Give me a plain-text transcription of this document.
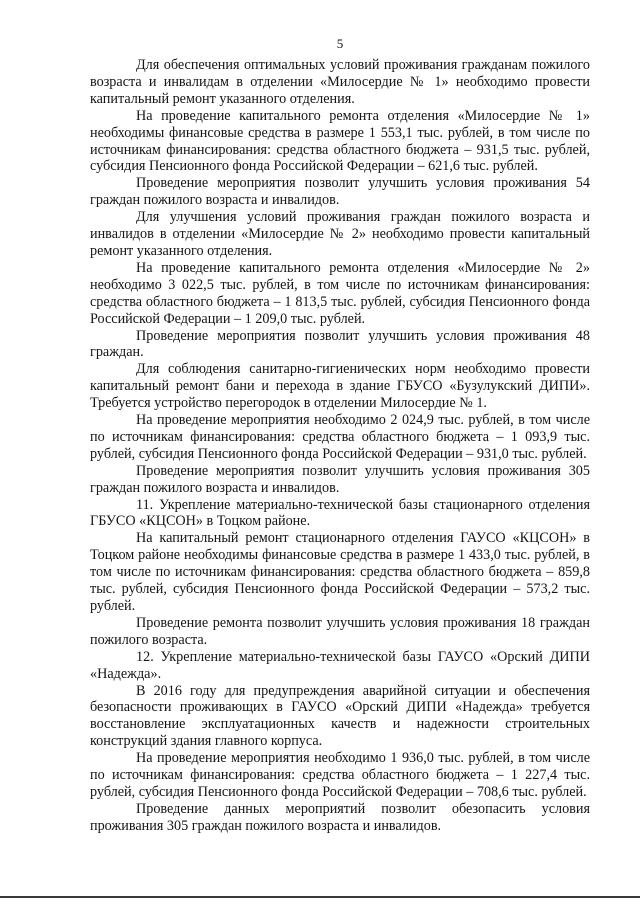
5

Для обеспечения оптимальных условий проживания гражданам пожилого возраста и инвалидам в отделении «Милосердие № 1» необходимо провести капитальный ремонт указанного отделения.

На проведение капитального ремонта отделения «Милосердие № 1» необходимы финансовые средства в размере 1 553,1 тыс. рублей, в том числе по источникам финансирования: средства областного бюджета – 931,5 тыс. рублей, субсидия Пенсионного фонда Российской Федерации – 621,6 тыс. рублей.

Проведение мероприятия позволит улучшить условия проживания 54 граждан пожилого возраста и инвалидов.

Для улучшения условий проживания граждан пожилого возраста и инвалидов в отделении «Милосердие № 2» необходимо провести капитальный ремонт указанного отделения.

На проведение капитального ремонта отделения «Милосердие № 2» необходимо 3 022,5 тыс. рублей, в том числе по источникам финансирования: средства областного бюджета – 1 813,5 тыс. рублей, субсидия Пенсионного фонда Российской Федерации – 1 209,0 тыс. рублей.

Проведение мероприятия позволит улучшить условия проживания 48 граждан.

Для соблюдения санитарно-гигиенических норм необходимо провести капитальный ремонт бани и перехода в здание ГБУСО «Бузулукский ДИПИ». Требуется устройство перегородок в отделении Милосердие № 1.

На проведение мероприятия необходимо 2 024,9 тыс. рублей, в том числе по источникам финансирования: средства областного бюджета – 1 093,9 тыс. рублей, субсидия Пенсионного фонда Российской Федерации – 931,0 тыс. рублей.

Проведение мероприятия позволит улучшить условия проживания 305 граждан пожилого возраста и инвалидов.

11. Укрепление материально-технической базы стационарного отделения ГБУСО «КЦСОН» в Тоцком районе.

На капитальный ремонт стационарного отделения ГАУСО «КЦСОН» в Тоцком районе необходимы финансовые средства в размере 1 433,0 тыс. рублей, в том числе по источникам финансирования: средства областного бюджета – 859,8 тыс. рублей, субсидия Пенсионного фонда Российской Федерации – 573,2 тыс. рублей.

Проведение ремонта позволит улучшить условия проживания 18 граждан пожилого возраста.

12. Укрепление материально-технической базы ГАУСО «Орский ДИПИ «Надежда».

В 2016 году для предупреждения аварийной ситуации и обеспечения безопасности проживающих в ГАУСО «Орский ДИПИ «Надежда» требуется восстановление эксплуатационных качеств и надежности строительных конструкций здания главного корпуса.

На проведение мероприятия необходимо 1 936,0 тыс. рублей, в том числе по источникам финансирования: средства областного бюджета – 1 227,4 тыс. рублей, субсидия Пенсионного фонда Российской Федерации – 708,6 тыс. рублей.

Проведение данных мероприятий позволит обезопасить условия проживания 305 граждан пожилого возраста и инвалидов.
